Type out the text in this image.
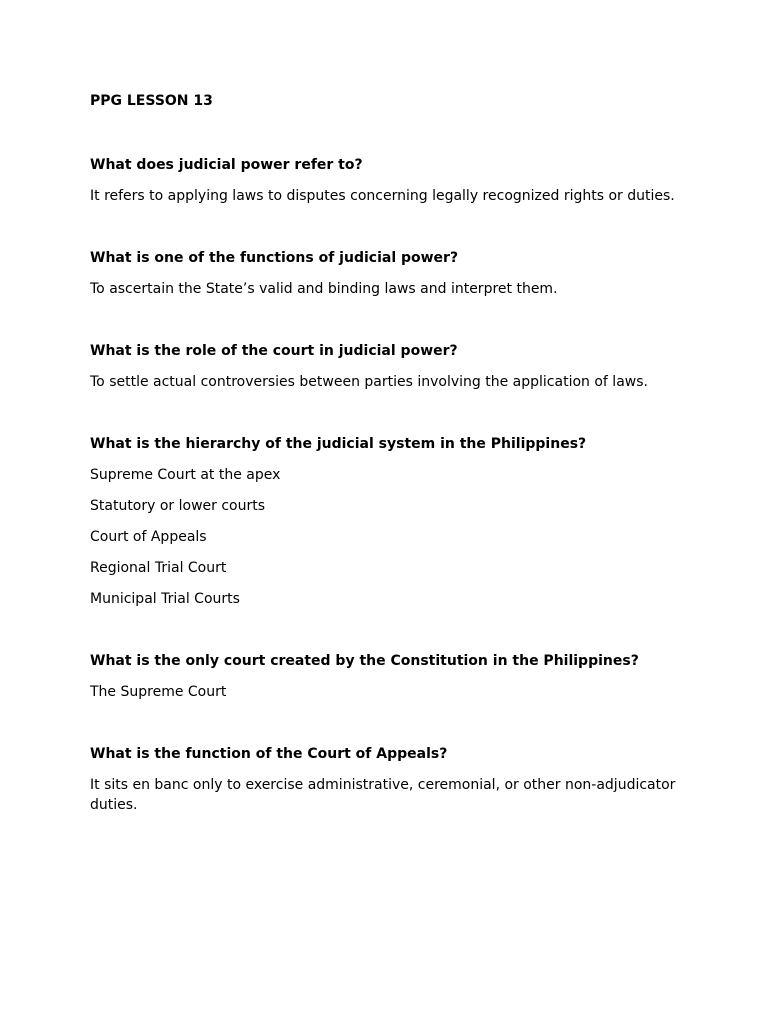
PPG LESSON 13
What does judicial power refer to?
It refers to applying laws to disputes concerning legally recognized rights or duties.
What is one of the functions of judicial power?
To ascertain the State’s valid and binding laws and interpret them.
What is the role of the court in judicial power?
To settle actual controversies between parties involving the application of laws.
What is the hierarchy of the judicial system in the Philippines?
Supreme Court at the apex
Statutory or lower courts
Court of Appeals
Regional Trial Court
Municipal Trial Courts
What is the only court created by the Constitution in the Philippines?
The Supreme Court
What is the function of the Court of Appeals?
It sits en banc only to exercise administrative, ceremonial, or other non-adjudicator duties.
